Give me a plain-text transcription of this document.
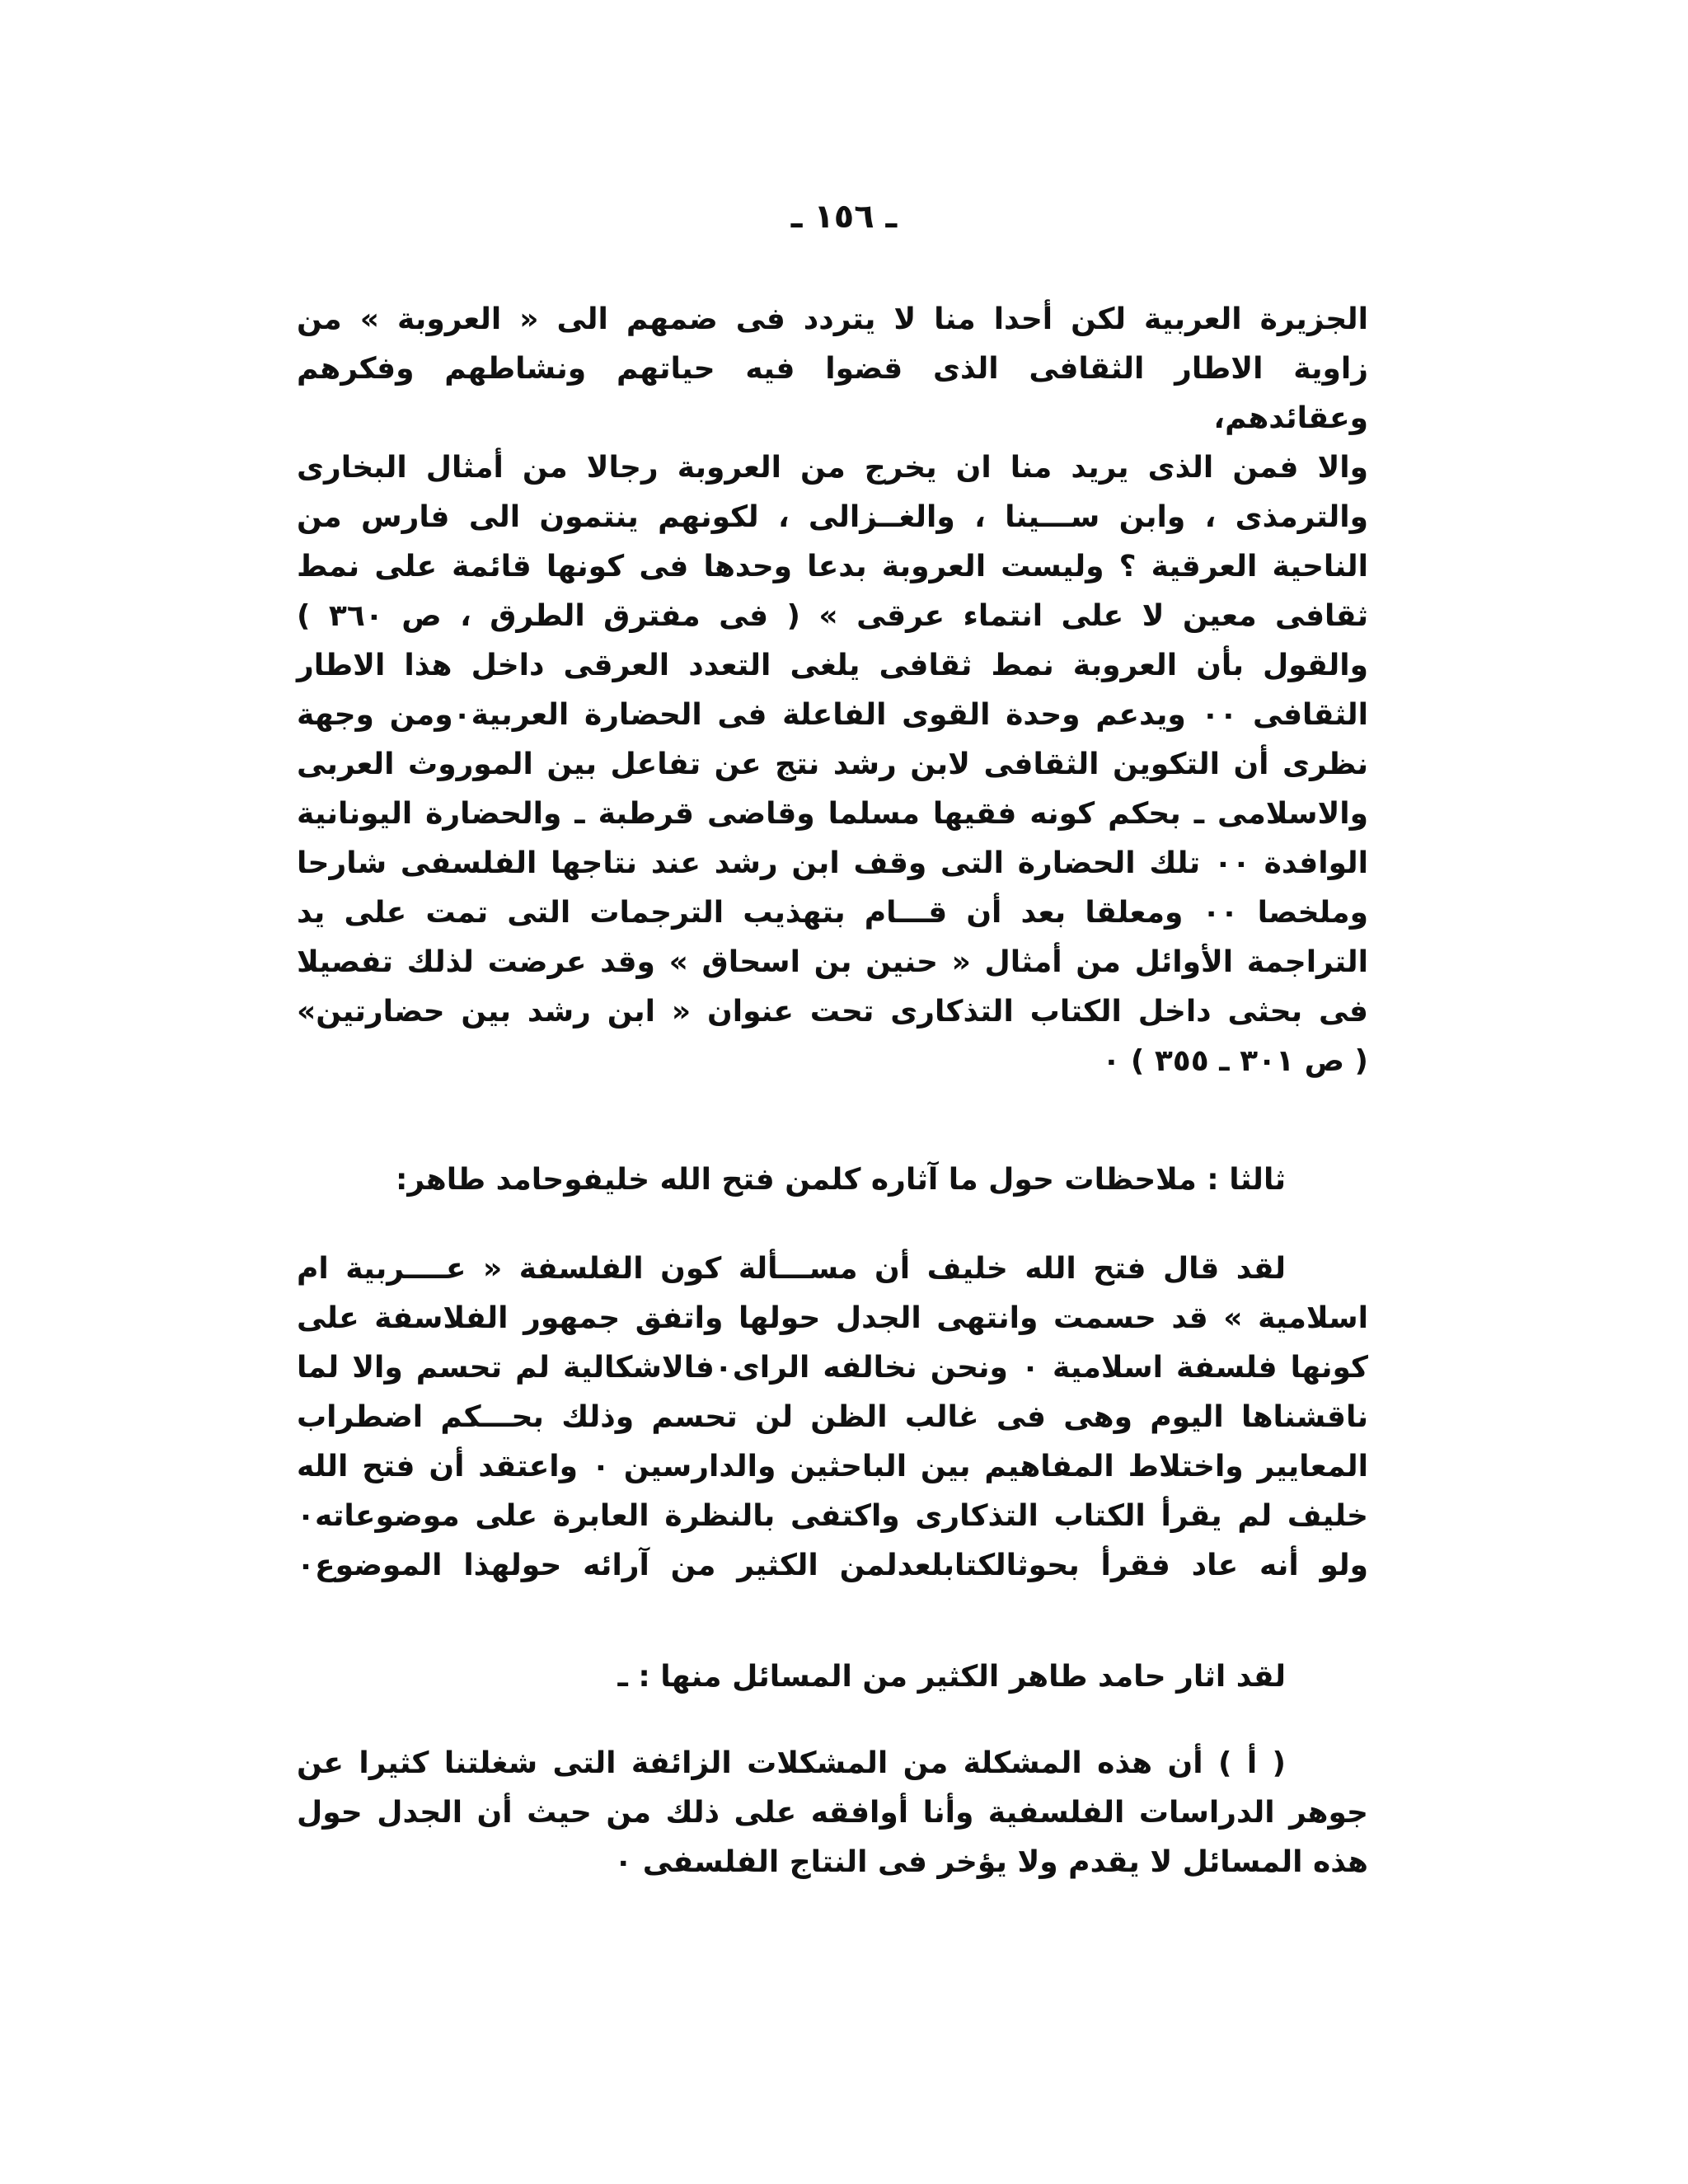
ـ ١٥٦ ـ

الجزيرة العربية لكن أحدا منا لا يتردد فى ضمهم الى « العروبة » من

زاوية الاطار الثقافى الذى قضوا فيه حياتهم ونشاطهم وفكرهم وعقائدهم،

والا فمن الذى يريد منا ان يخرج من العروبة رجالا من أمثال البخارى

والترمذى ، وابن ســـينا ، والغــزالى ، لكونهم ينتمون الى فارس من

الناحية العرقية ؟ وليست العروبة بدعا وحدها فى كونها قائمة على نمط

ثقافى معين لا على انتماء عرقى » ( فى مفترق الطرق ، ص ٣٦٠ )

والقول بأن العروبة نمط ثقافى يلغى التعدد العرقى داخل هذا الاطار

الثقافى ٠٠ ويدعم وحدة القوى الفاعلة فى الحضارة العربية٠ومن وجهة

نظرى أن التكوين الثقافى لابن رشد نتج عن تفاعل بين الموروث العربى

والاسلامى ـ بحكم كونه فقيها مسلما وقاضى قرطبة ـ والحضارة اليونانية

الوافدة ٠٠ تلك الحضارة التى وقف ابن رشد عند نتاجها الفلسفى شارحا

وملخصا ٠٠ ومعلقا بعد أن قـــام بتهذيب الترجمات التى تمت على يد

التراجمة الأوائل من أمثال « حنين بن اسحاق » وقد عرضت لذلك تفصيلا

فى بحثى داخل الكتاب التذكارى تحت عنوان « ابن رشد بين حضارتين»

( ص ٣٠١ ـ ٣٥٥ ) ٠

ثالثا : ملاحظات حول ما آثاره كلمن فتح الله خليفوحامد طاهر:

لقد قال فتح الله خليف أن مســـألة كون الفلسفة « عــــربية ام

اسلامية » قد حسمت وانتهى الجدل حولها واتفق جمهور الفلاسفة على

كونها فلسفة اسلامية ٠ ونحن نخالفه الراى٠فالاشكالية لم تحسم والا لما

ناقشناها اليوم وهى فى غالب الظن لن تحسم وذلك بحـــكم اضطراب

المعايير واختلاط المفاهيم بين الباحثين والدارسين ٠ واعتقد أن فتح الله

خليف لم يقرأ الكتاب التذكارى واكتفى بالنظرة العابرة على موضوعاته٠

ولو أنه عاد فقرأ بحوثالكتابلعدلمن الكثير من آرائه حولهذا الموضوع٠

لقد اثار حامد طاهر الكثير من المسائل منها : ـ

( أ ) أن هذه المشكلة من المشكلات الزائفة التى شغلتنا كثيرا عن

جوهر الدراسات الفلسفية وأنا أوافقه على ذلك من حيث أن الجدل حول

هذه المسائل لا يقدم ولا يؤخر فى النتاج الفلسفى ٠
